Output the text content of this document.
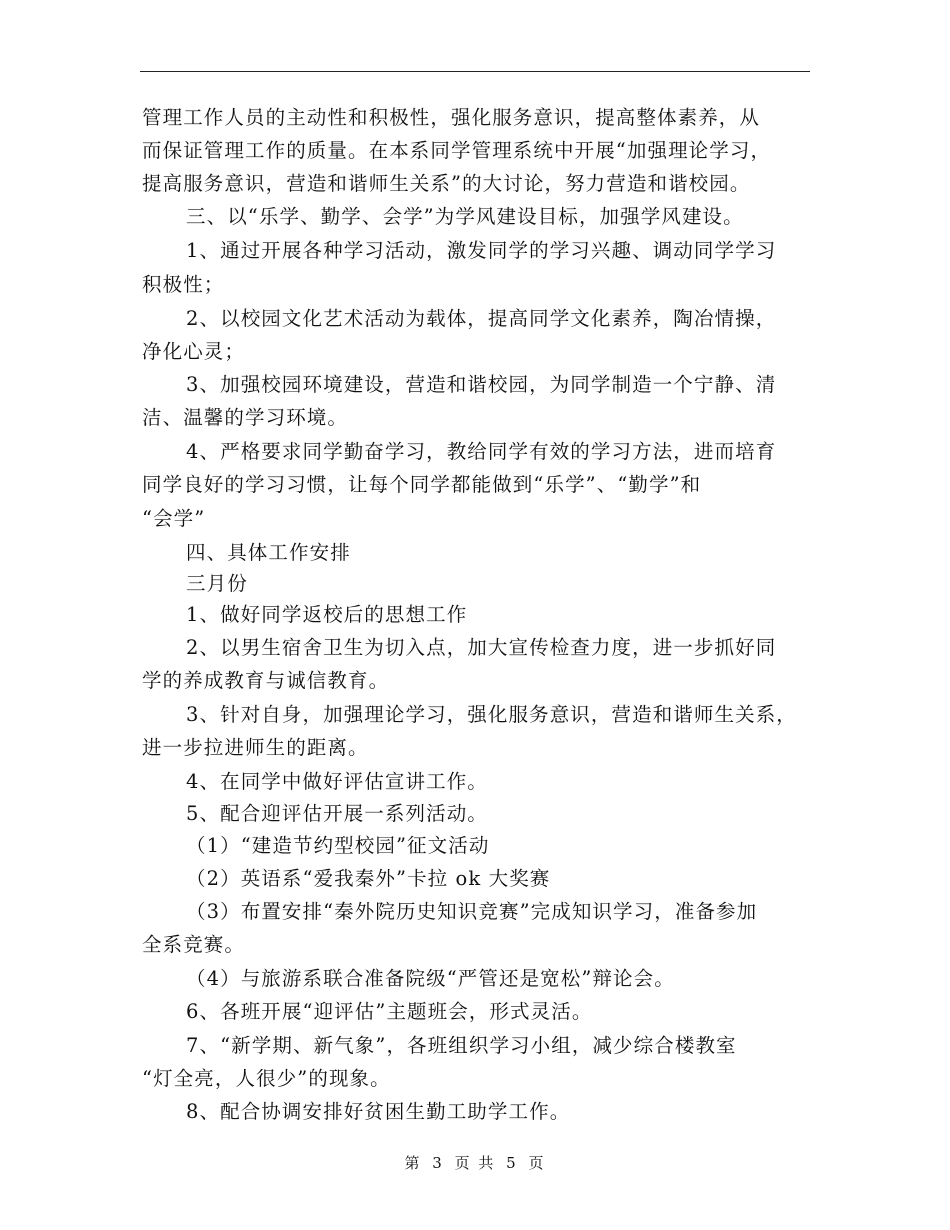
管理工作人员的主动性和积极性，强化服务意识，提高整体素养，从
而保证管理工作的质量。在本系同学管理系统中开展“加强理论学习，
提高服务意识，营造和谐师生关系”的大讨论，努力营造和谐校园。
三、以“乐学、勤学、会学”为学风建设目标，加强学风建设。
1、通过开展各种学习活动，激发同学的学习兴趣、调动同学学习
积极性；
2、以校园文化艺术活动为载体，提高同学文化素养，陶冶情操，
净化心灵；
3、加强校园环境建设，营造和谐校园，为同学制造一个宁静、清
洁、温馨的学习环境。
4、严格要求同学勤奋学习，教给同学有效的学习方法，进而培育
同学良好的学习习惯，让每个同学都能做到“乐学”、“勤学”和
“会学”
四、具体工作安排
三月份
1、做好同学返校后的思想工作
2、以男生宿舍卫生为切入点，加大宣传检查力度，进一步抓好同
学的养成教育与诚信教育。
3、针对自身，加强理论学习，强化服务意识，营造和谐师生关系，
进一步拉进师生的距离。
4、在同学中做好评估宣讲工作。
5、配合迎评估开展一系列活动。
（1）“建造节约型校园”征文活动
（2）英语系“爱我秦外”卡拉 ok 大奖赛
（3）布置安排“秦外院历史知识竞赛”完成知识学习，准备参加
全系竞赛。
（4）与旅游系联合准备院级“严管还是宽松”辩论会。
6、各班开展“迎评估”主题班会，形式灵活。
7、“新学期、新气象”，各班组织学习小组，减少综合楼教室
“灯全亮，人很少”的现象。
8、配合协调安排好贫困生勤工助学工作。
第 3 页 共 5 页
